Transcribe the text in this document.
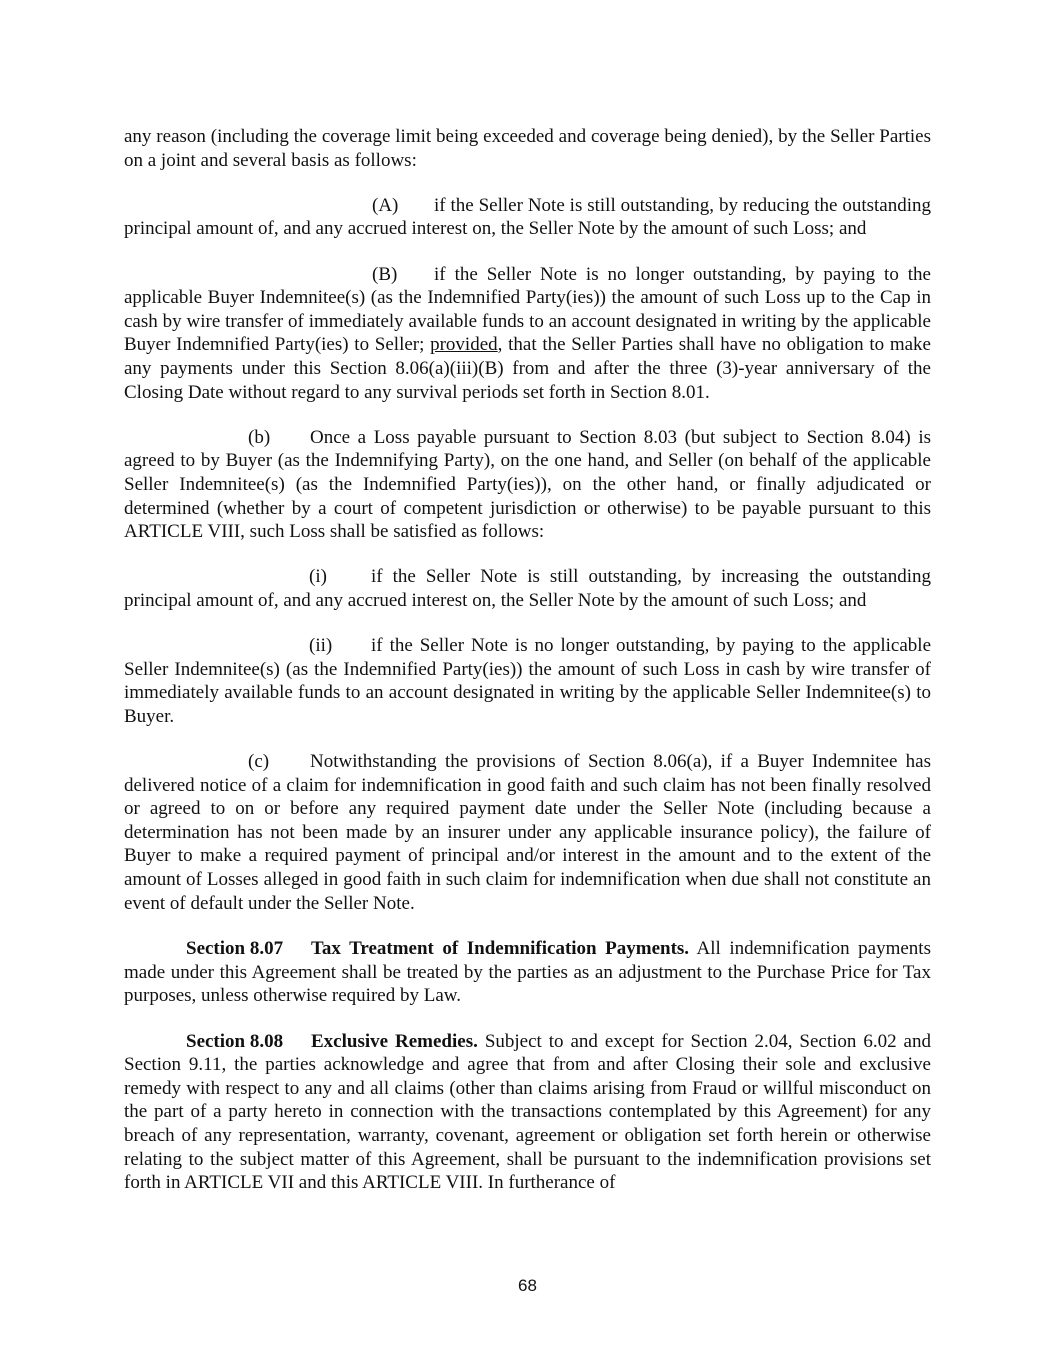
any reason (including the coverage limit being exceeded and coverage being denied), by the Seller Parties on a joint and several basis as follows:

(A) if the Seller Note is still outstanding, by reducing the outstanding principal amount of, and any accrued interest on, the Seller Note by the amount of such Loss; and

(B) if the Seller Note is no longer outstanding, by paying to the applicable Buyer Indemnitee(s) (as the Indemnified Party(ies)) the amount of such Loss up to the Cap in cash by wire transfer of immediately available funds to an account designated in writing by the applicable Buyer Indemnified Party(ies) to Seller; provided, that the Seller Parties shall have no obligation to make any payments under this Section 8.06(a)(iii)(B) from and after the three (3)-year anniversary of the Closing Date without regard to any survival periods set forth in Section 8.01.

(b) Once a Loss payable pursuant to Section 8.03 (but subject to Section 8.04) is agreed to by Buyer (as the Indemnifying Party), on the one hand, and Seller (on behalf of the applicable Seller Indemnitee(s) (as the Indemnified Party(ies)), on the other hand, or finally adjudicated or determined (whether by a court of competent jurisdiction or otherwise) to be payable pursuant to this ARTICLE VIII, such Loss shall be satisfied as follows:

(i) if the Seller Note is still outstanding, by increasing the outstanding principal amount of, and any accrued interest on, the Seller Note by the amount of such Loss; and

(ii) if the Seller Note is no longer outstanding, by paying to the applicable Seller Indemnitee(s) (as the Indemnified Party(ies)) the amount of such Loss in cash by wire transfer of immediately available funds to an account designated in writing by the applicable Seller Indemnitee(s) to Buyer.

(c) Notwithstanding the provisions of Section 8.06(a), if a Buyer Indemnitee has delivered notice of a claim for indemnification in good faith and such claim has not been finally resolved or agreed to on or before any required payment date under the Seller Note (including because a determination has not been made by an insurer under any applicable insurance policy), the failure of Buyer to make a required payment of principal and/or interest in the amount and to the extent of the amount of Losses alleged in good faith in such claim for indemnification when due shall not constitute an event of default under the Seller Note.

Section 8.07 Tax Treatment of Indemnification Payments. All indemnification payments made under this Agreement shall be treated by the parties as an adjustment to the Purchase Price for Tax purposes, unless otherwise required by Law.

Section 8.08 Exclusive Remedies. Subject to and except for Section 2.04, Section 6.02 and Section 9.11, the parties acknowledge and agree that from and after Closing their sole and exclusive remedy with respect to any and all claims (other than claims arising from Fraud or willful misconduct on the part of a party hereto in connection with the transactions contemplated by this Agreement) for any breach of any representation, warranty, covenant, agreement or obligation set forth herein or otherwise relating to the subject matter of this Agreement, shall be pursuant to the indemnification provisions set forth in ARTICLE VII and this ARTICLE VIII. In furtherance of

68
